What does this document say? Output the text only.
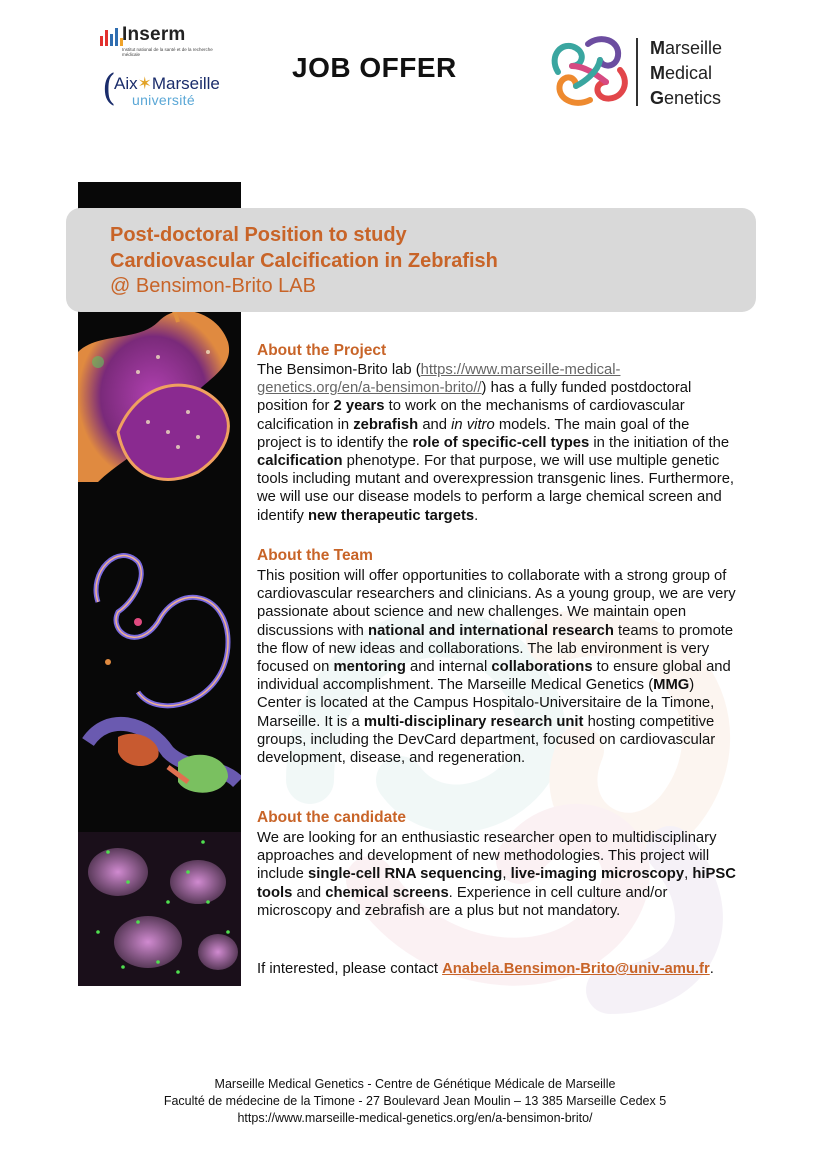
Inserm
Institut national de la santé et de la recherche médicale
(
Aix✶Marseille
université
JOB OFFER
Marseille
Medical
Genetics
Post-doctoral Position to study
Cardiovascular Calcification in Zebrafish
@ Bensimon-Brito LAB
About the Project
The Bensimon-Brito lab (https://www.marseille-medical-genetics.org/en/a-bensimon-brito//) has a fully funded postdoctoral position for 2 years to work on the mechanisms of cardiovascular calcification in zebrafish and in vitro models. The main goal of the project is to identify the role of specific-cell types in the initiation of the calcification phenotype. For that purpose, we will use multiple genetic tools including mutant and overexpression transgenic lines. Furthermore, we will use our disease models to perform a large chemical screen and identify new therapeutic targets.
About the Team
This position will offer opportunities to collaborate with a strong group of cardiovascular researchers and clinicians. As a young group, we are very passionate about science and new challenges. We maintain open discussions with national and international research teams to promote the flow of new ideas and collaborations. The lab environment is very focused on mentoring and internal collaborations to ensure global and individual accomplishment. The Marseille Medical Genetics (MMG) Center is located at the Campus Hospitalo-Universitaire de la Timone, Marseille. It is a multi-disciplinary research unit hosting competitive groups, including the DevCard department, focused on cardiovascular development, disease, and regeneration.
About the candidate
We are looking for an enthusiastic researcher open to multidisciplinary approaches and development of new methodologies. This project will include single-cell RNA sequencing, live-imaging microscopy, hiPSC tools and chemical screens. Experience in cell culture and/or microscopy and zebrafish are a plus but not mandatory.
If interested, please contact Anabela.Bensimon-Brito@univ-amu.fr.
Marseille Medical Genetics - Centre de Génétique Médicale de Marseille
Faculté de médecine de la Timone - 27 Boulevard Jean Moulin – 13 385 Marseille Cedex 5
https://www.marseille-medical-genetics.org/en/a-bensimon-brito/
